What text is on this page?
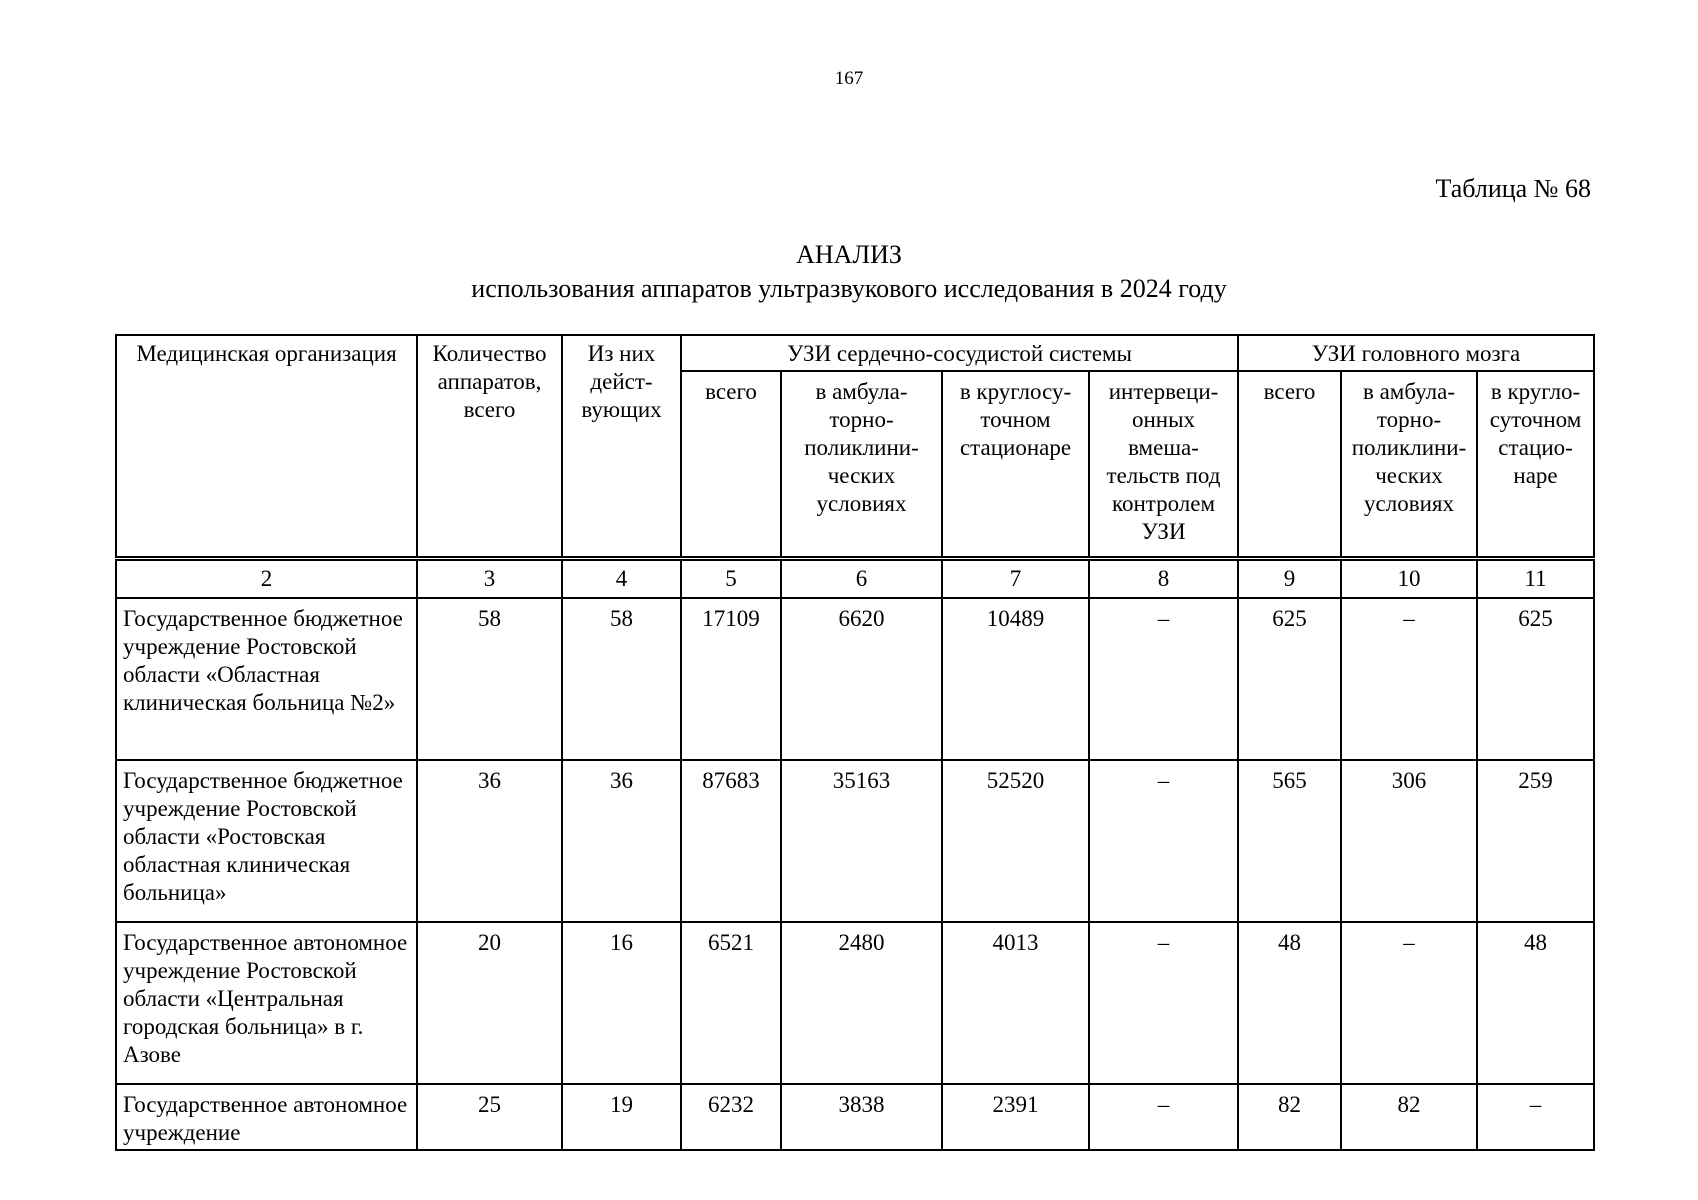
167
Таблица № 68
АНАЛИЗ
использования аппаратов ультразвукового исследования в 2024 году
Медицинская организация	Количество аппаратов, всего	Из них дейст-вующих	УЗИ сердечно-сосудистой системы				УЗИ головного мозга		
			всего	в амбула-торно-поликлини-ческих условиях	в круглосу-точном стационаре	интервеци-онных вмеша-тельств под контролем УЗИ	всего	в амбула-торно-поликлини-ческих условиях	в кругло-суточном стацио-наре
2	3	4	5	6	7	8	9	10	11
Государственное бюджетное учреждение Ростовской области «Областная клиническая больница №2»	58	58	17109	6620	10489	–	625	–	625
Государственное бюджетное учреждение Ростовской области «Ростовская областная клиническая больница»	36	36	87683	35163	52520	–	565	306	259
Государственное автономное учреждение Ростовской области «Центральная городская больница» в г. Азове	20	16	6521	2480	4013	–	48	–	48
Государственное автономное учреждение	25	19	6232	3838	2391	–	82	82	–
